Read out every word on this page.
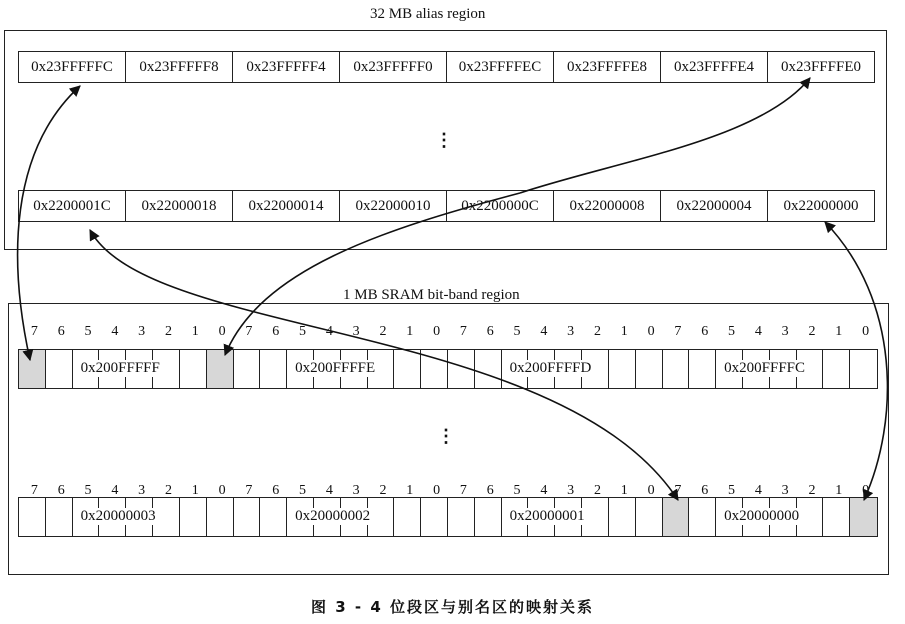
32 MB alias region
0x23FFFFFC	0x23FFFFF8	0x23FFFFF4	0x23FFFFF0	0x23FFFFEC	0x23FFFFE8	0x23FFFFE4	0x23FFFFE0
⋮
0x2200001C	0x22000018	0x22000014	0x22000010	0x2200000C	0x22000008	0x22000004	0x22000000
1 MB SRAM bit-band region
7	6	5	4	3	2	1	0	7	6	5	4	3	2	1	0	7	6	5	4	3	2	1	0	7	6	5	4	3	2	1	0
0x200FFFFF	0x200FFFFE	0x200FFFFD	0x200FFFFC
⋮
7	6	5	4	3	2	1	0	7	6	5	4	3	2	1	0	7	6	5	4	3	2	1	0	7	6	5	4	3	2	1	0
0x20000003	0x20000002	0x20000001	0x20000000
图 3 - 4 位段区与别名区的映射关系
